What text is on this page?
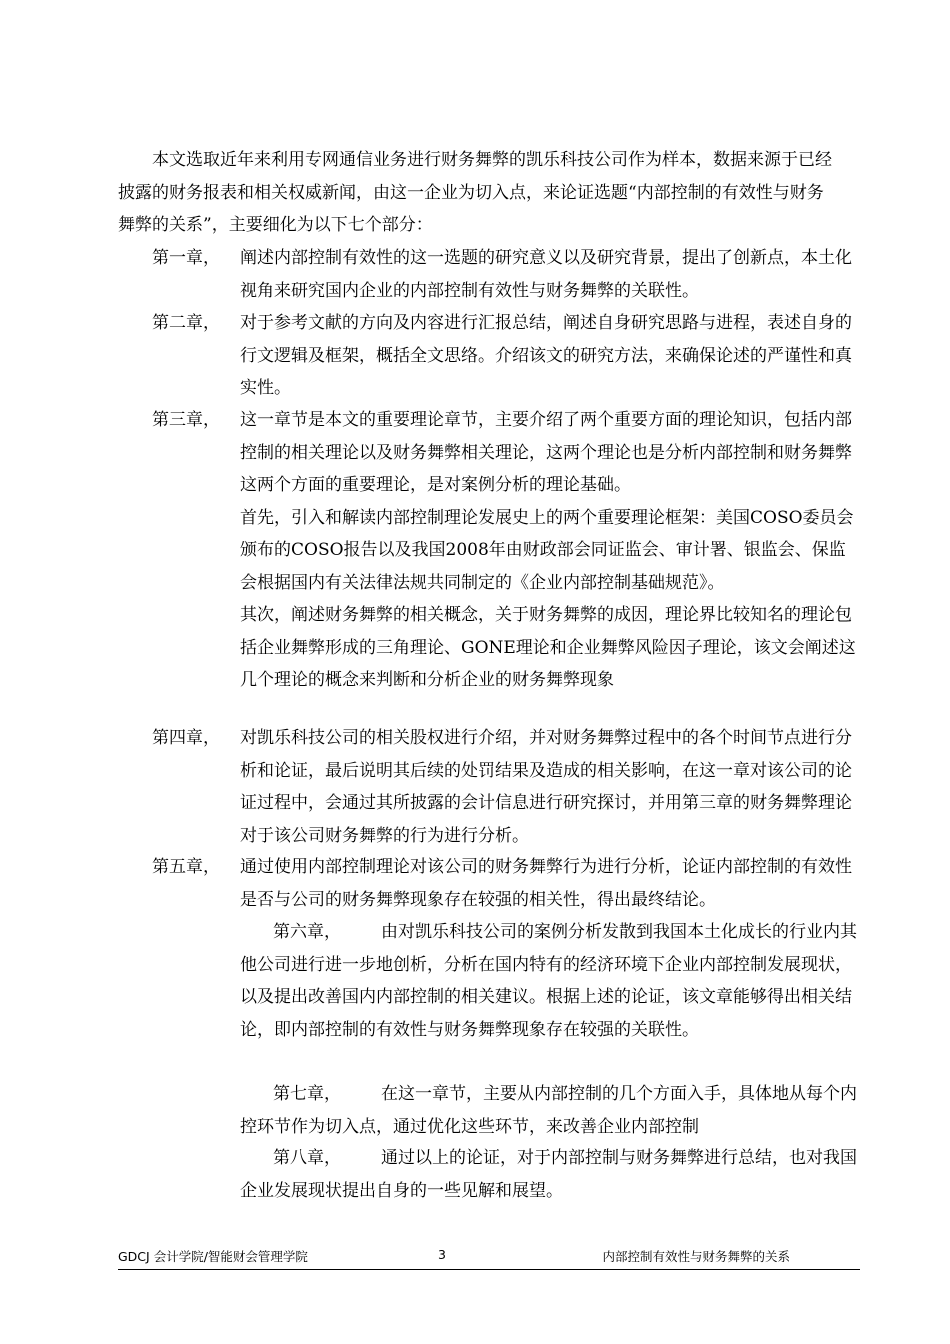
本文选取近年来利用专网通信业务进行财务舞弊的凯乐科技公司作为样本，数据来源于已经披露的财务报表和相关权威新闻，由这一企业为切入点，来论证选题“内部控制的有效性与财务舞弊的关系”，主要细化为以下七个部分：
第一章，	阐述内部控制有效性的这一选题的研究意义以及研究背景，提出了创新点，本土化视角来研究国内企业的内部控制有效性与财务舞弊的关联性。
第二章，	对于参考文献的方向及内容进行汇报总结，阐述自身研究思路与进程，表述自身的行文逻辑及框架，概括全文思络。介绍该文的研究方法，来确保论述的严谨性和真实性。
第三章，	这一章节是本文的重要理论章节，主要介绍了两个重要方面的理论知识，包括内部控制的相关理论以及财务舞弊相关理论，这两个理论也是分析内部控制和财务舞弊这两个方面的重要理论，是对案例分析的理论基础。
首先，引入和解读内部控制理论发展史上的两个重要理论框架：美国COSO委员会颁布的COSO报告以及我国2008年由财政部会同证监会、审计署、银监会、保监会根据国内有关法律法规共同制定的《企业内部控制基础规范》。
其次，阐述财务舞弊的相关概念，关于财务舞弊的成因，理论界比较知名的理论包括企业舞弊形成的三角理论、GONE理论和企业舞弊风险因子理论，该文会阐述这几个理论的概念来判断和分析企业的财务舞弊现象
第四章，	对凯乐科技公司的相关股权进行介绍，并对财务舞弊过程中的各个时间节点进行分析和论证，最后说明其后续的处罚结果及造成的相关影响，在这一章对该公司的论证过程中，会通过其所披露的会计信息进行研究探讨，并用第三章的财务舞弊理论对于该公司财务舞弊的行为进行分析。
第五章，	通过使用内部控制理论对该公司的财务舞弊行为进行分析，论证内部控制的有效性是否与公司的财务舞弊现象存在较强的相关性，得出最终结论。
第六章， 由对凯乐科技公司的案例分析发散到我国本土化成长的行业内其他公司进行进一步地创析，分析在国内特有的经济环境下企业内部控制发展现状，以及提出改善国内内部控制的相关建议。根据上述的论证，该文章能够得出相关结论，即内部控制的有效性与财务舞弊现象存在较强的关联性。
第七章， 在这一章节，主要从内部控制的几个方面入手，具体地从每个内控环节作为切入点，通过优化这些环节，来改善企业内部控制
第八章， 通过以上的论证，对于内部控制与财务舞弊进行总结，也对我国企业发展现状提出自身的一些见解和展望。
GDCJ 会计学院/智能财会管理学院	3	内部控制有效性与财务舞弊的关系
